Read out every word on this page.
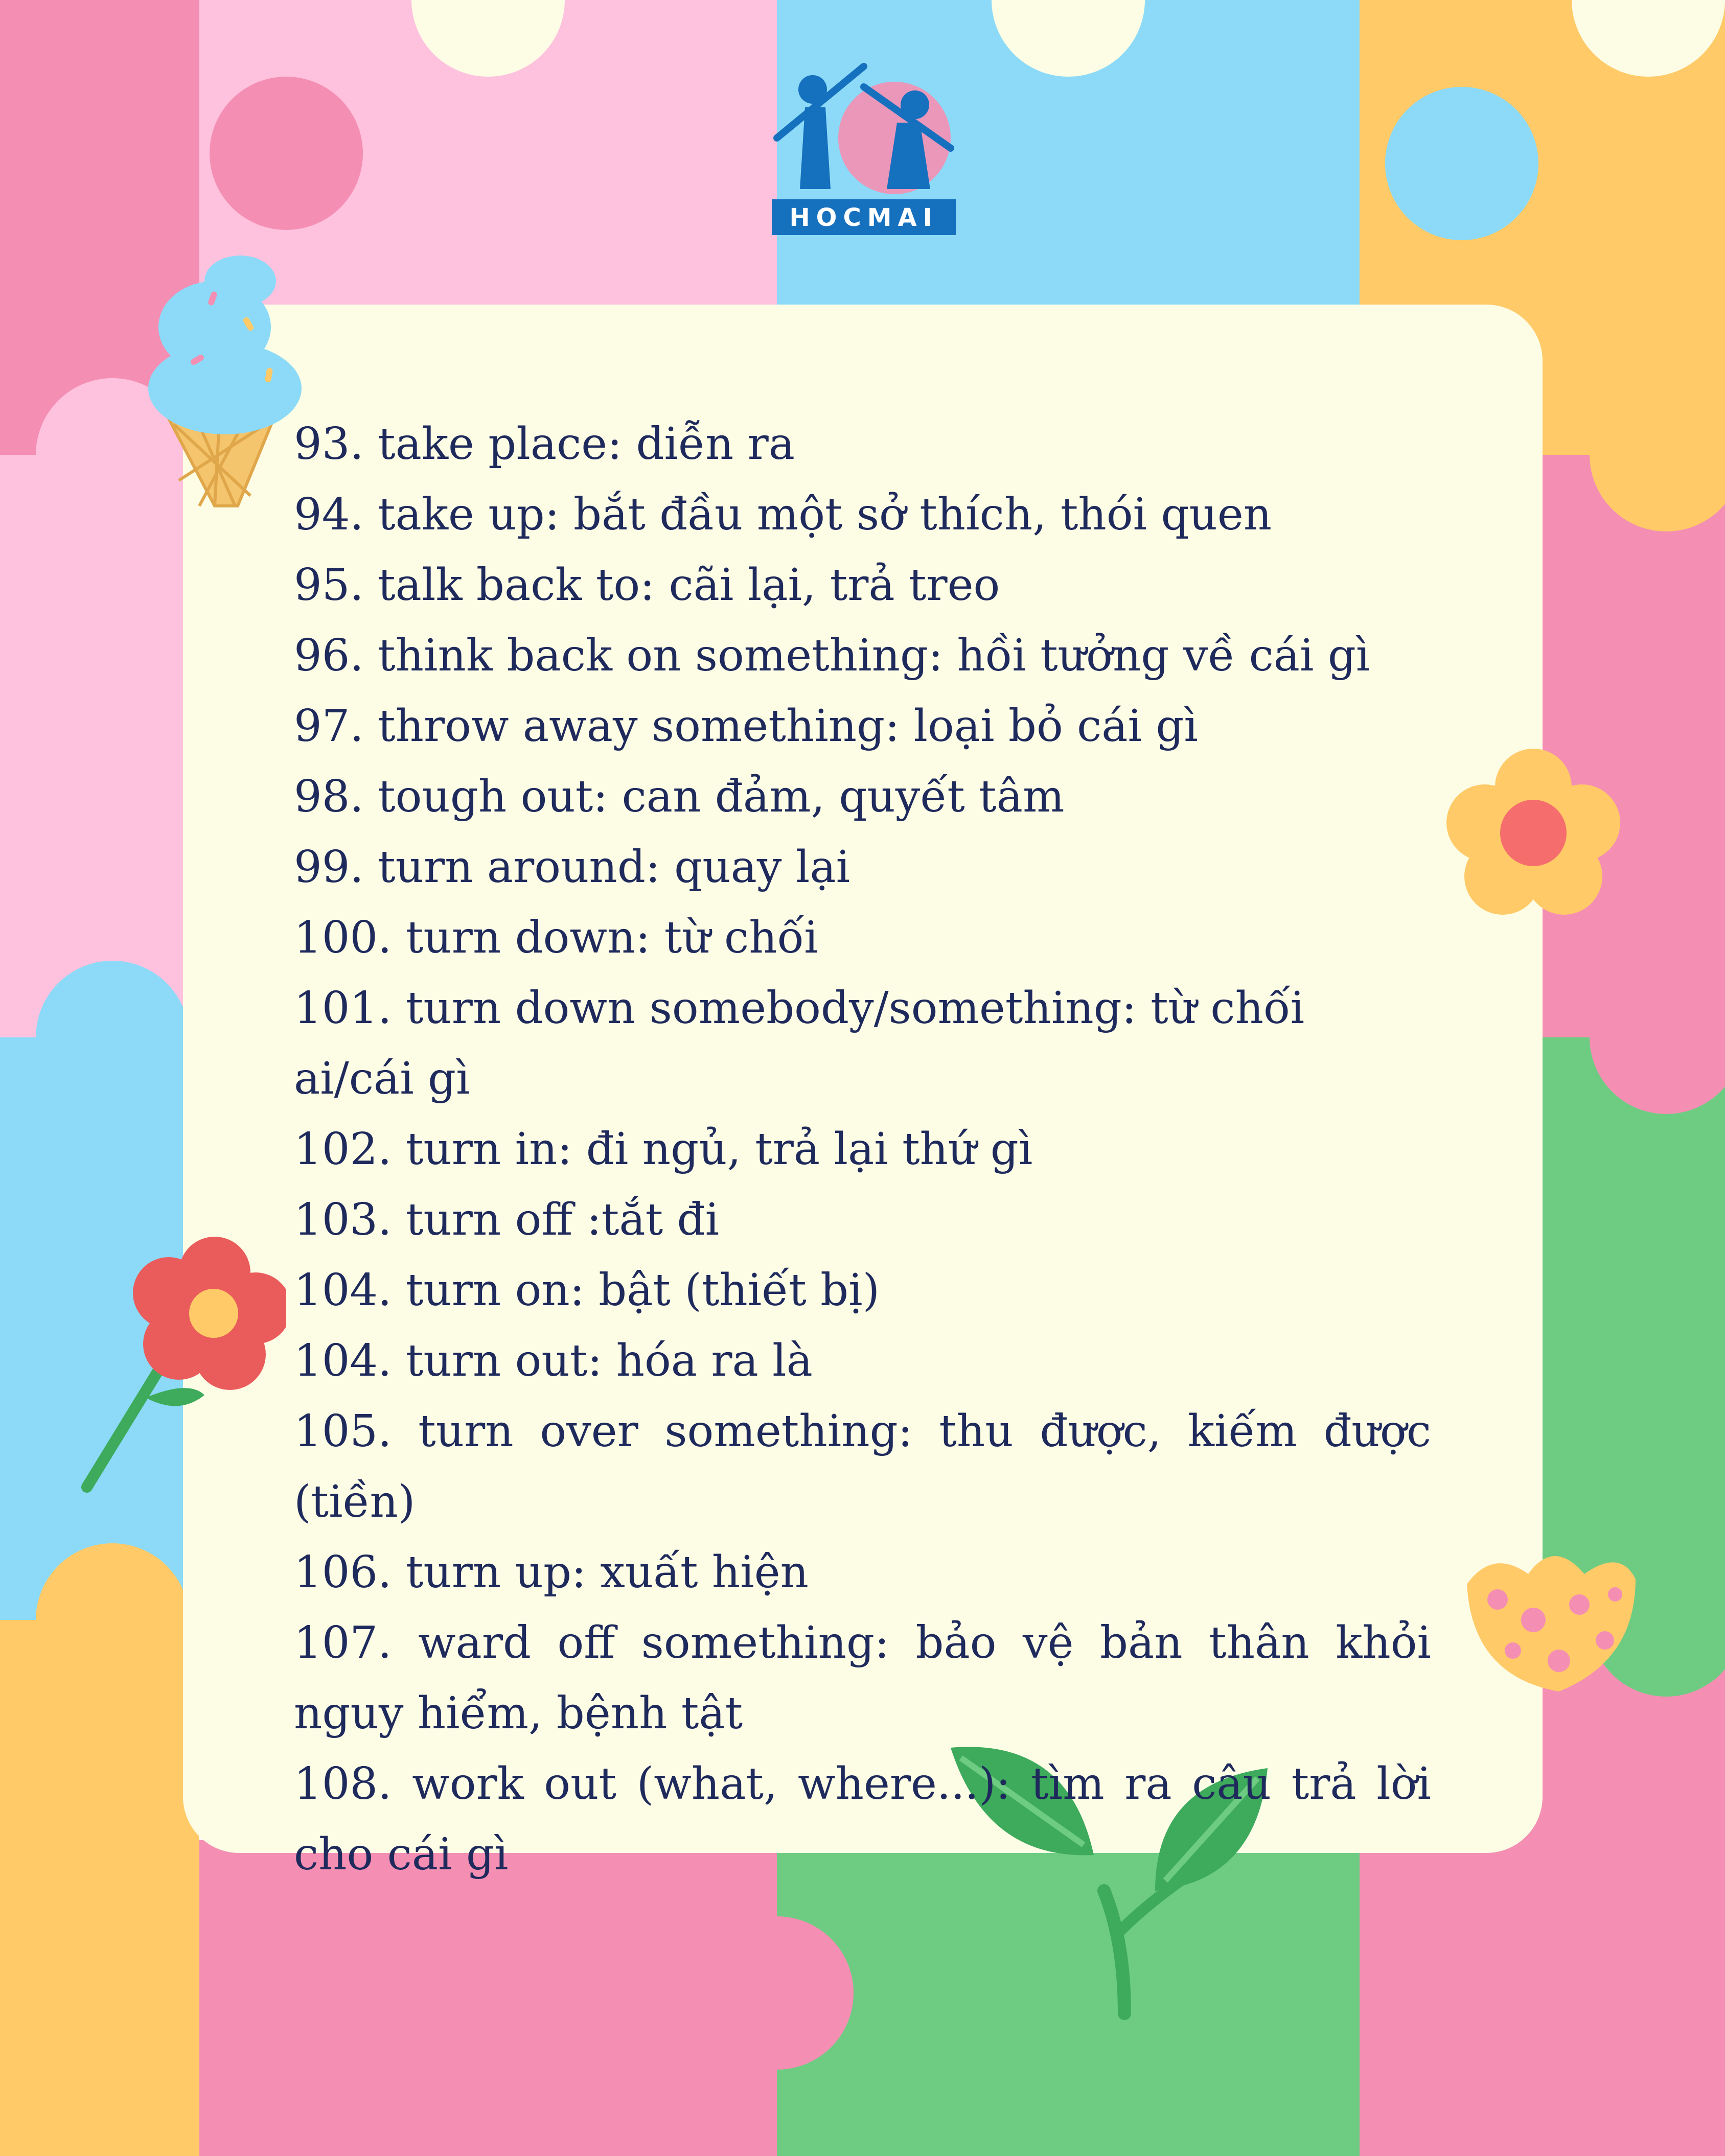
HOCMAI
93. take place: diễn ra
94. take up: bắt đầu một sở thích, thói quen
95. talk back to: cãi lại, trả treo
96. think back on something: hồi tưởng về cái gì
97. throw away something: loại bỏ cái gì
98. tough out: can đảm, quyết tâm
99. turn around: quay lại
100. turn down: từ chối
101. turn down somebody/something: từ chối ai/cái gì
102. turn in: đi ngủ, trả lại thứ gì
103. turn off :tắt đi
104. turn on: bật (thiết bị)
104. turn out: hóa ra là
105. turn over something: thu được, kiếm được (tiền)
106. turn up: xuất hiện
107. ward off something: bảo vệ bản thân khỏi nguy hiểm, bệnh tật
108. work out (what, where...): tìm ra câu trả lời cho cái gì
